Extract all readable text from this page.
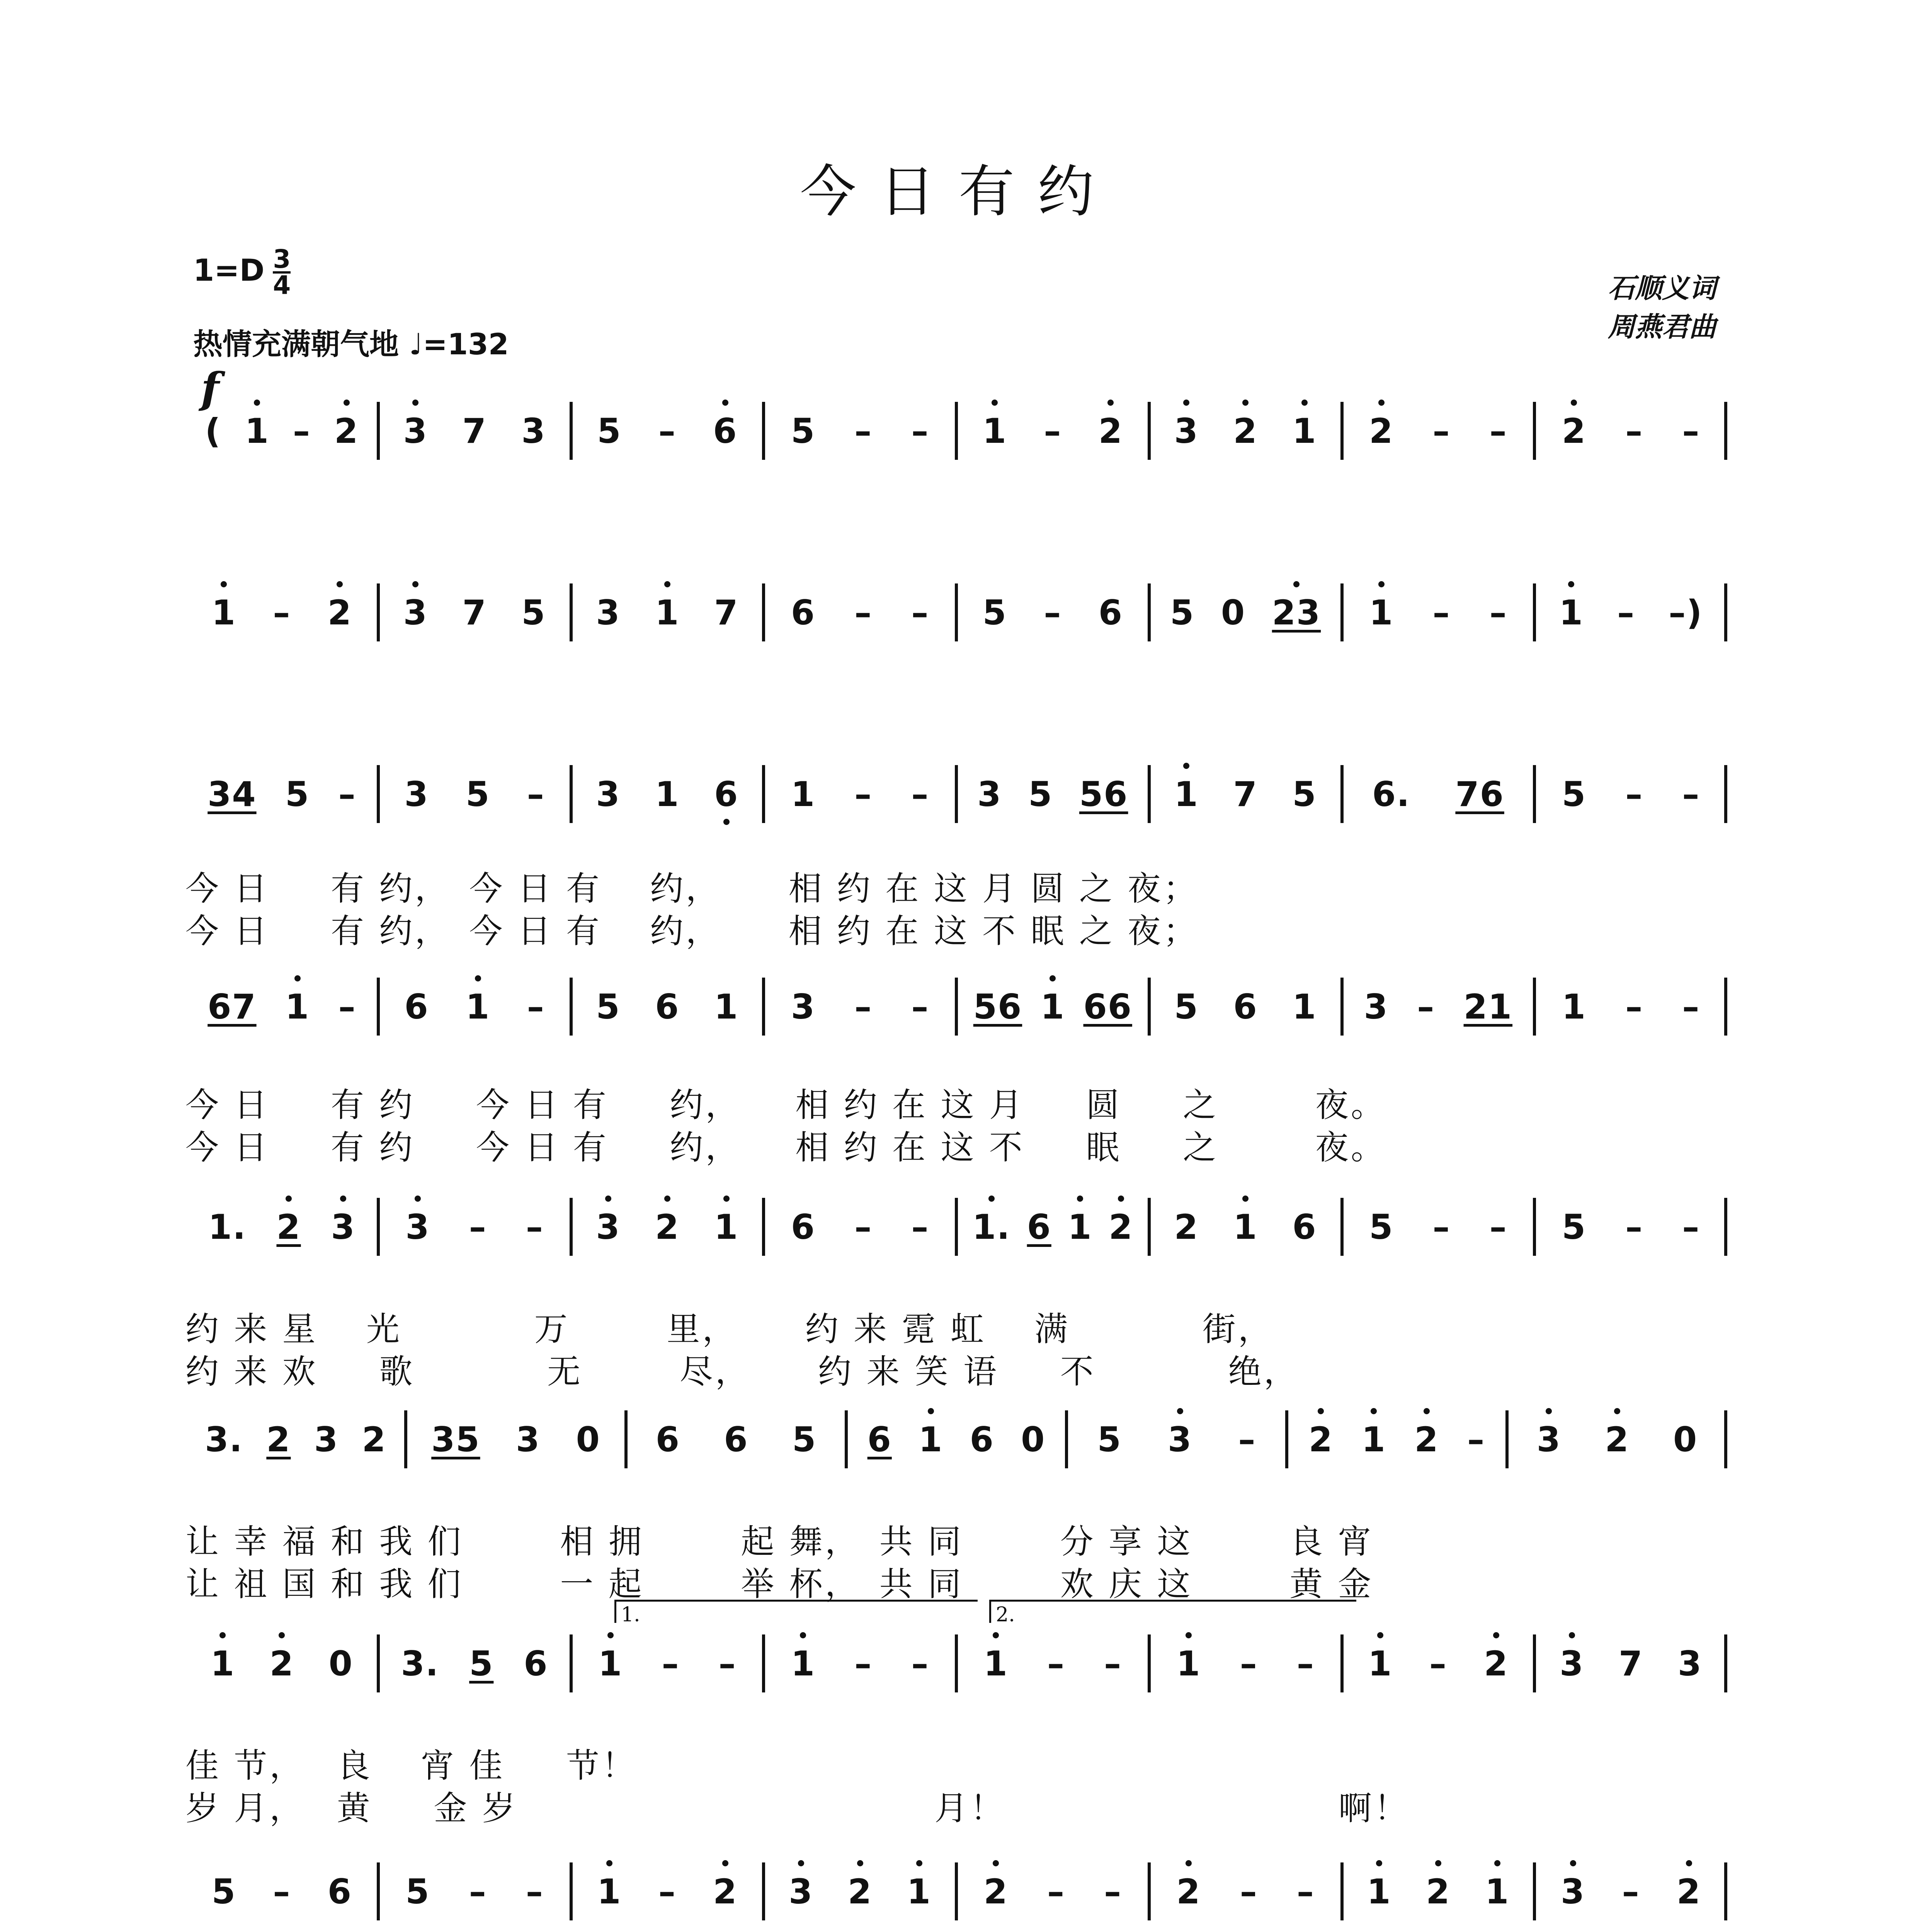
今日有约
$1=D \frac{3}{4}$
热情充满朝气地 ♩=132
石顺义词
周燕君曲
f
( 1 – 2 3 7 3 5 – 6 5 – – 1 – 2 3 2 1 2 – – 2 – –
1 – 2 3 7 5 3 1 7 6 – – 5 – 6 5 0 23 1 – – 1 – –)
34 5 – 3 5 – 3 1 6 1 – – 3 5 56 1 7 5 6. 76 5 – –
67 1 – 6 1 – 5 6 1 3 – – 56 1 66 5 6 1 3 – 21 1 – –
1. 2 3 3 – – 3 2 1 6 – – 1. 6 1 2 2 1 6 5 – – 5 – –
3. 2 3 2 35 3 0 6 6 5 6 1 6 0 5 3 – 2 1 2 – 3 2 0
1 2 0 3. 5 6 1 – – 1 – – 1 – – 1 – – 1 – 2 3 7 3
5 – 6 5 – – 1 – 2 3 2 1 2 – – 2 – – 1 2 1 3 – 2
今 日 　 有 约，　今 日 有 　约，　　 相 约 在 这 月 圆 之 夜；
今 日 　 有 约，　今 日 有 　约，　　 相 约 在 这 不 眠 之 夜；
今 日 　 有 约 　 今 日 有 　 约，　　相 约 在 这 月 　 圆 　 之 　　 夜。
今 日 　 有 约 　 今 日 有 　 约，　　相 约 在 这 不 　 眠 　 之 　　 夜。
约 来 星 　光 　　　 万 　　 里，　　 约 来 霓 虹 　满 　　　 街，
约 来 欢 　 歌 　　　 无 　　 尽，　　 约 来 笑 语 　 不 　　　 绝，
让 幸 福 和 我 们 　　 相 拥 　　 起 舞，　共 同 　　 分 享 这 　　 良 宵
让 祖 国 和 我 们 　　 一 起 　　 举 杯，　共 同 　　 欢 庆 这 　　 黄 金
佳 节，　 良 　宵 佳 　 节！
岁 月，　 黄 　 金 岁 　　　　　　　　　　　 月！　　　　　　　　　 啊！
1.	2.
